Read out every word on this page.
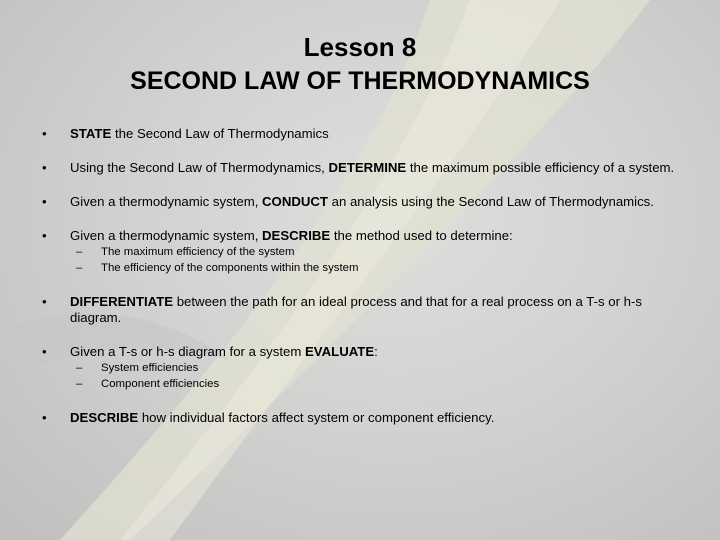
Lesson 8
SECOND LAW OF THERMODYNAMICS
• STATE the Second Law of Thermodynamics
• Using the Second Law of Thermodynamics, DETERMINE the maximum possible efficiency of a system.
• Given a thermodynamic system, CONDUCT an analysis using the Second Law of Thermodynamics.
• Given a thermodynamic system, DESCRIBE the method used to determine:
– The maximum efficiency of the system
– The efficiency of the components within the system
• DIFFERENTIATE between the path for an ideal process and that for a real process on a T-s or h-s diagram.
• Given a T-s or h-s diagram for a system EVALUATE:
– System efficiencies
– Component efficiencies
• DESCRIBE how individual factors affect system or component efficiency.
